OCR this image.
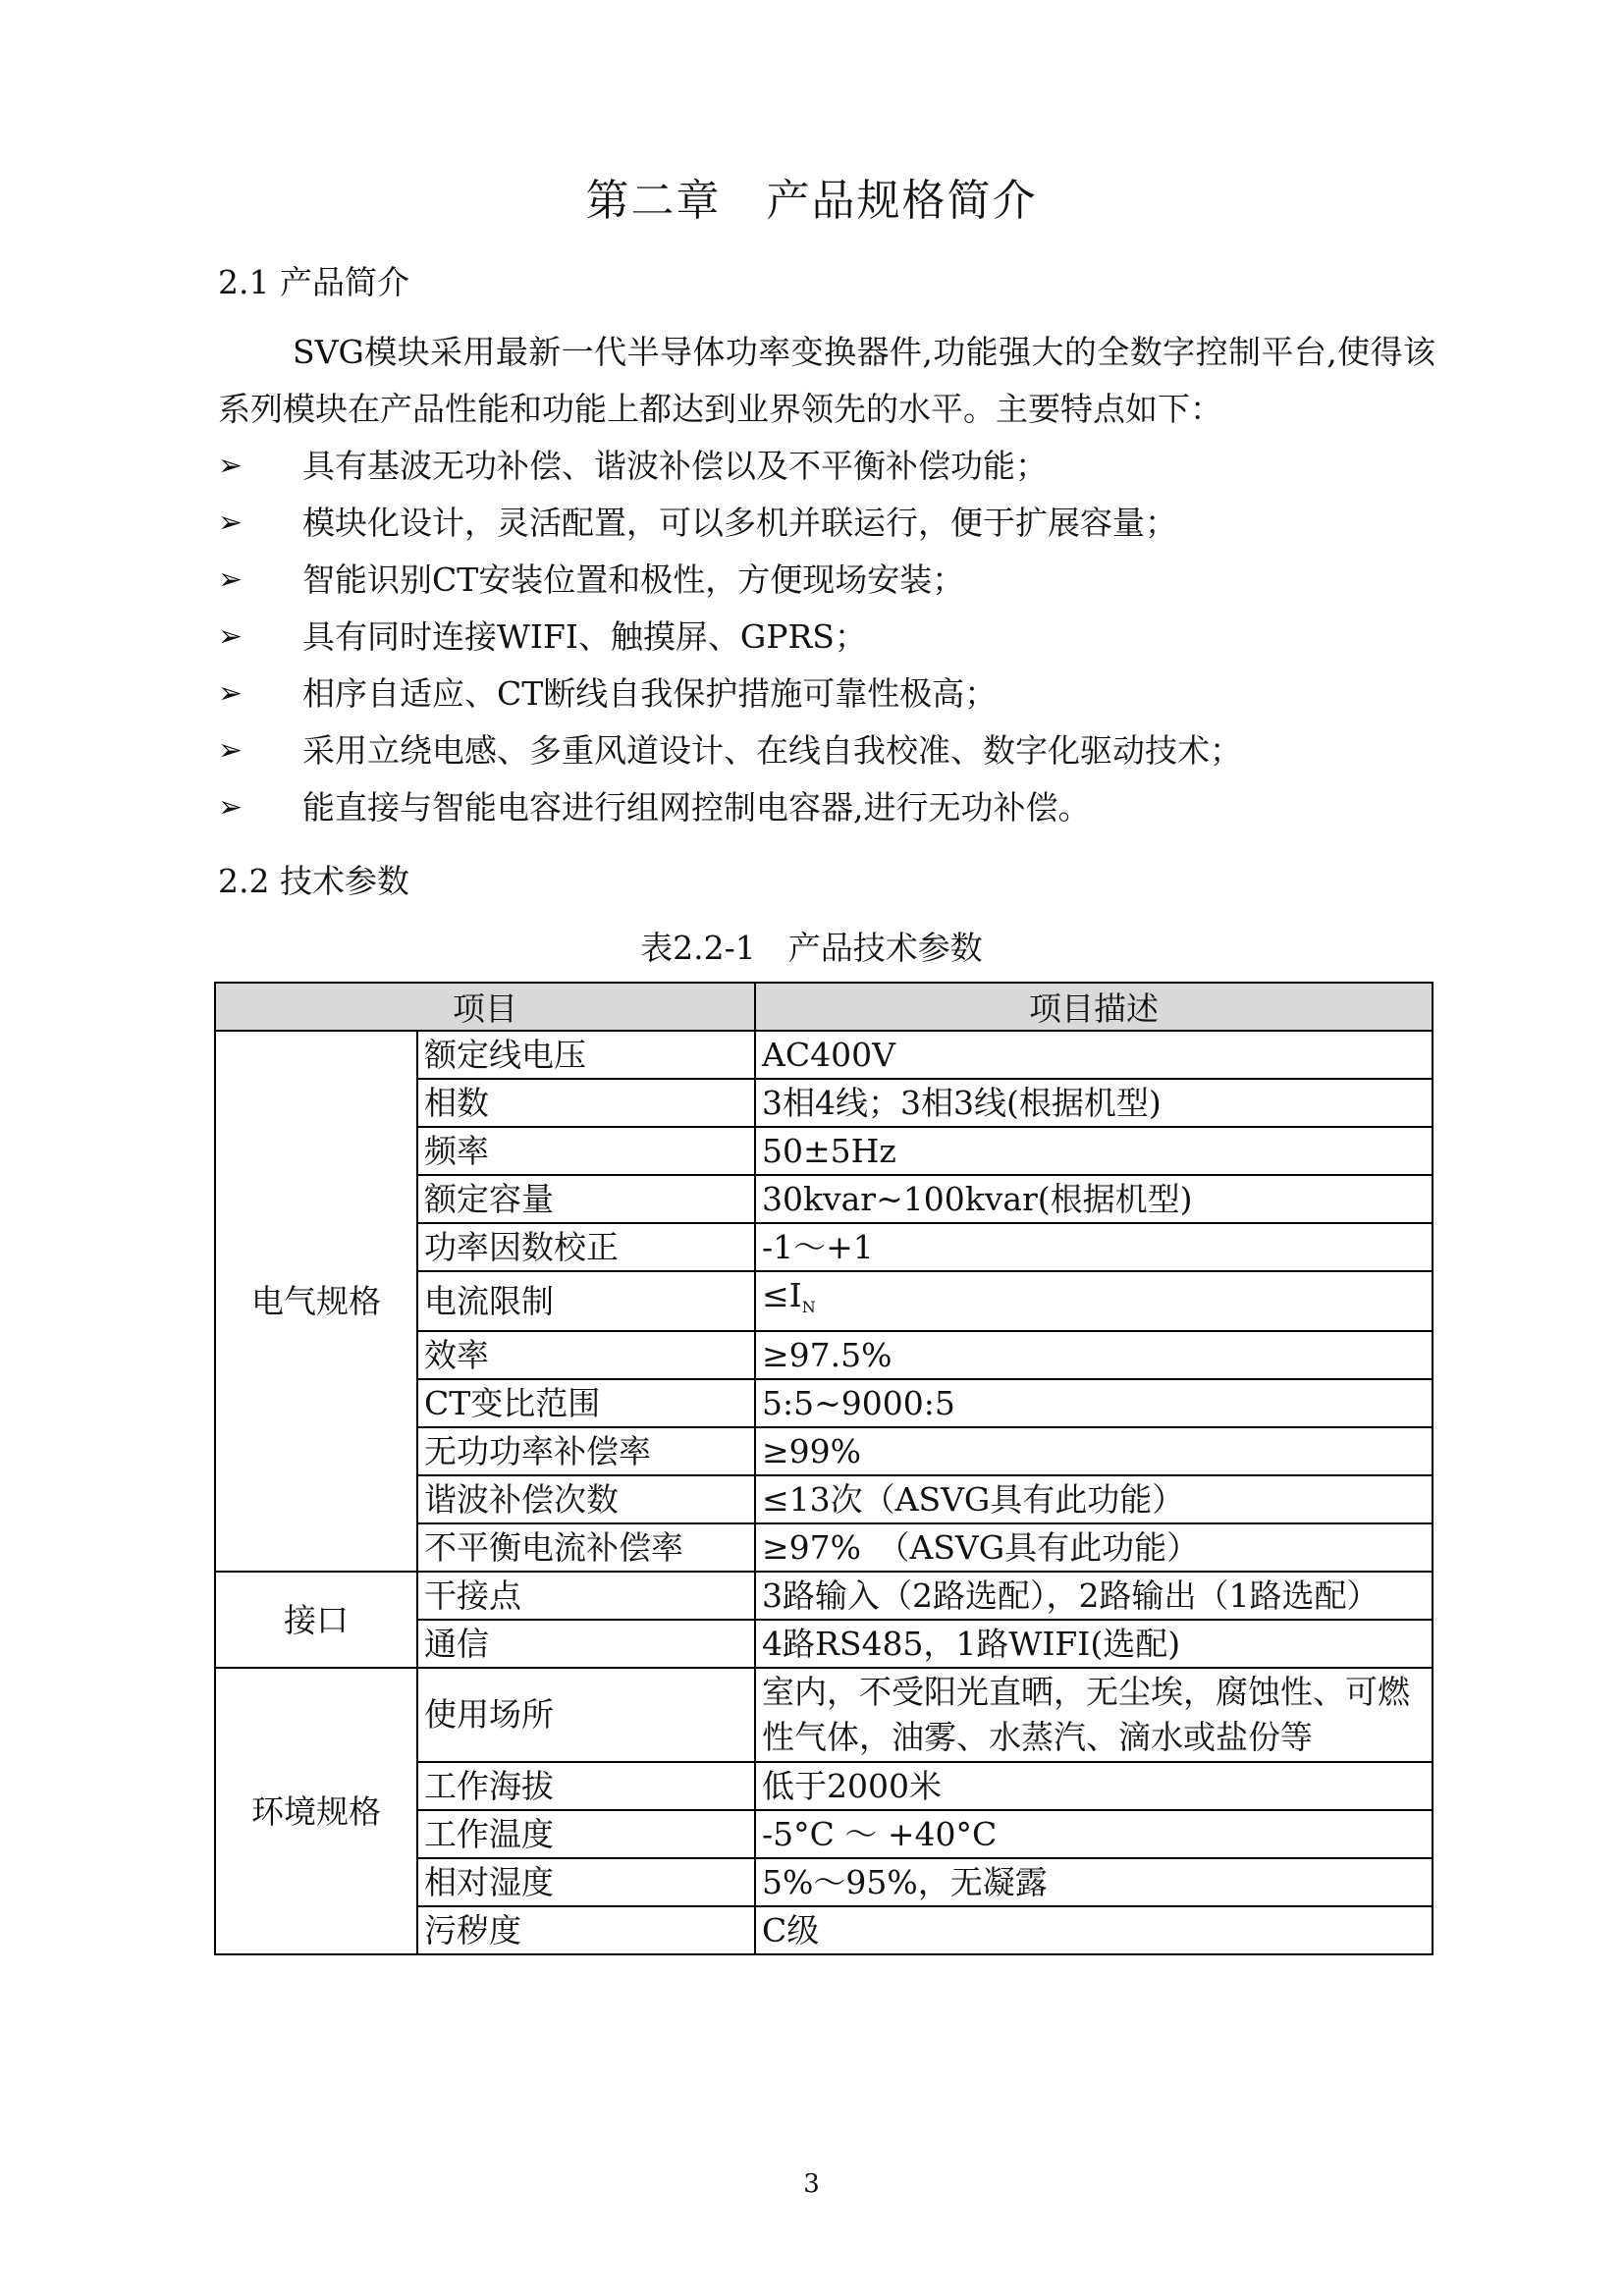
第二章　产品规格简介
2.1 产品简介
SVG模块采用最新一代半导体功率变换器件,功能强大的全数字控制平台,使得该系列模块在产品性能和功能上都达到业界领先的水平。主要特点如下：
➢	具有基波无功补偿、谐波补偿以及不平衡补偿功能；
➢	模块化设计，灵活配置，可以多机并联运行，便于扩展容量；
➢	智能识别CT安装位置和极性，方便现场安装；
➢	具有同时连接WIFI、触摸屏、GPRS；
➢	相序自适应、CT断线自我保护措施可靠性极高；
➢	采用立绕电感、多重风道设计、在线自我校准、数字化驱动技术；
➢	能直接与智能电容进行组网控制电容器,进行无功补偿。
2.2 技术参数
表2.2-1　产品技术参数
项目		项目描述
电气规格	额定线电压	AC400V
	相数	3相4线；3相3线(根据机型)
	频率	50±5Hz
	额定容量	30kvar~100kvar(根据机型)
	功率因数校正	-1～+1
	电流限制	$\le I_N$
	效率	≥97.5%
	CT变比范围	5:5~9000:5
	无功功率补偿率	≥99%
	谐波补偿次数	≤13次（ASVG具有此功能）
	不平衡电流补偿率	≥97%　（ASVG具有此功能）
接口	干接点	3路输入（2路选配），2路输出（1路选配）
	通信	4路RS485，1路WIFI(选配)
环境规格	使用场所	室内，不受阳光直晒，无尘埃，腐蚀性、可燃性气体，油雾、水蒸汽、滴水或盐份等
	工作海拔	低于2000米
	工作温度	-5°C ～ +40°C
	相对湿度	5%～95%，无凝露
	污秽度	C级
3
